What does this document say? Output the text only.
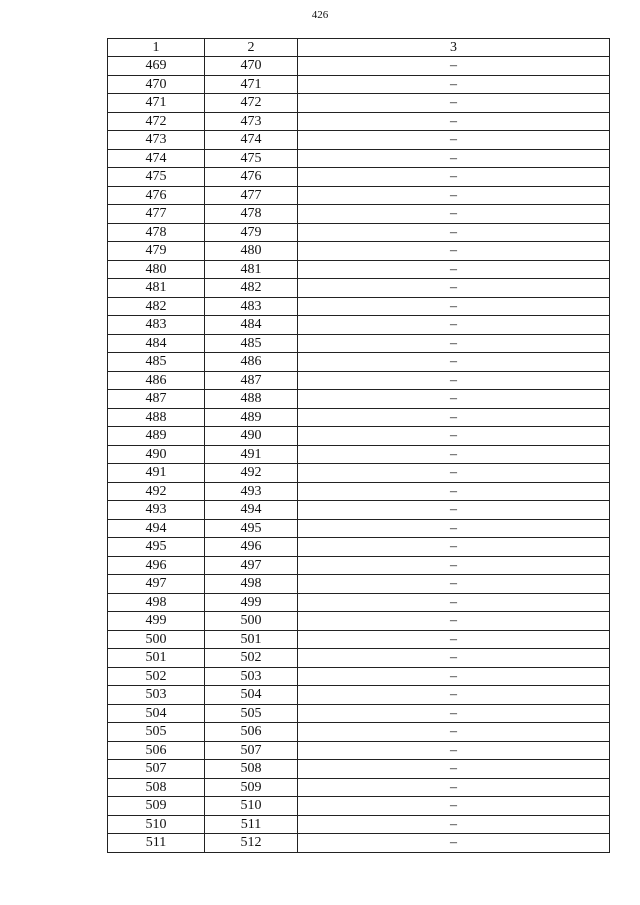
426
1	2	3
469	470	–
470	471	–
471	472	–
472	473	–
473	474	–
474	475	–
475	476	–
476	477	–
477	478	–
478	479	–
479	480	–
480	481	–
481	482	–
482	483	–
483	484	–
484	485	–
485	486	–
486	487	–
487	488	–
488	489	–
489	490	–
490	491	–
491	492	–
492	493	–
493	494	–
494	495	–
495	496	–
496	497	–
497	498	–
498	499	–
499	500	–
500	501	–
501	502	–
502	503	–
503	504	–
504	505	–
505	506	–
506	507	–
507	508	–
508	509	–
509	510	–
510	511	–
511	512	–
